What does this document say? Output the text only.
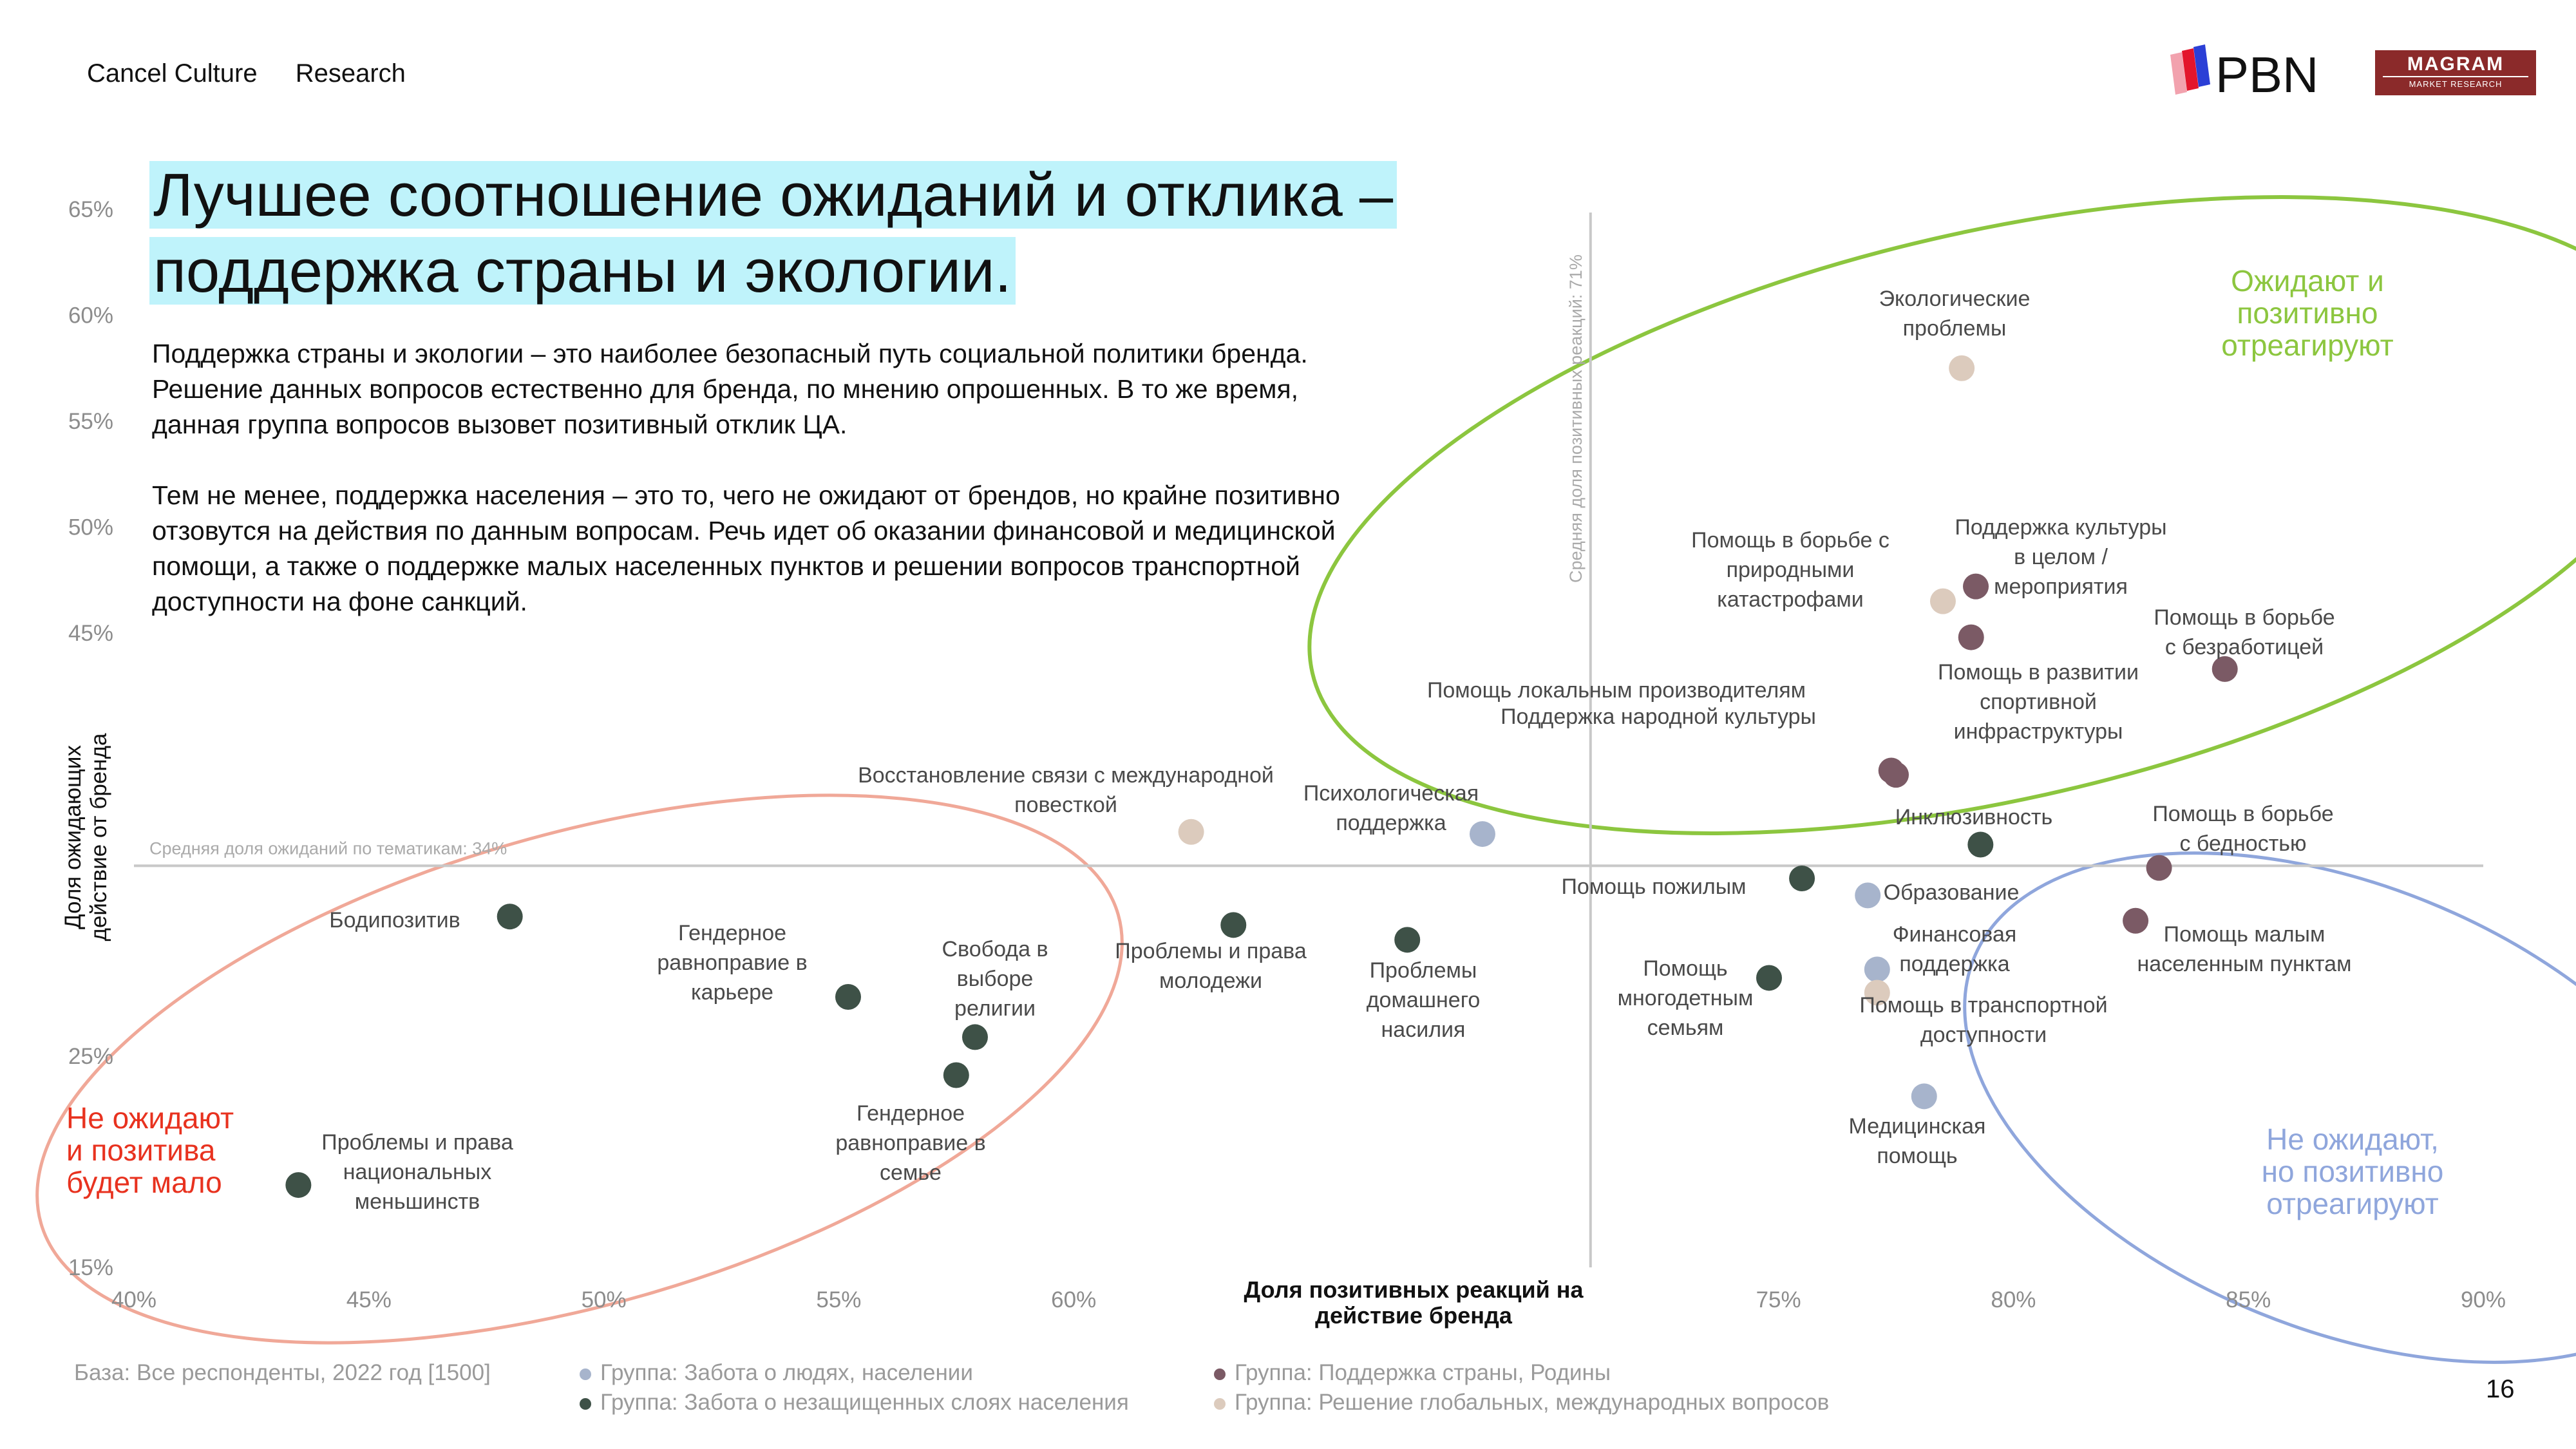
Cancel Culture Research	PBN	MAGRAM
MARKET RESEARCH
Средняя доля ожиданий по тематикам: 34%
Средняя доля позитивных реакций: 71%
40%	45%	50%	55%	60%	75%	80%	85%	90%
15%
25%
45%
50%
55%
60%
65%
Доля позитивных реакций на действие бренда
Доля ожидающихдействие от бренда
Экологические проблемы
Помощь в борьбе с природными катастрофами
Поддержка культуры в целом / мероприятия
Помощь в развитии спортивной инфраструктуры
Помощь в борьбе с безработицей
Помощь локальным производителям
Поддержка народной культуры
Инклюзивность	Помощь в борьбе с бедностью
Помощь пожилым	Образование
Помощь малым населенным пунктам
Финансовая поддержка
Помощь в транспортной доступности
Помощь многодетным семьям
Медицинская помощь
Психологическая поддержка
Восстановление связи с международной повесткой
Проблемы и права молодежи	Проблемы домашнего насилия
Бодипозитив
Гендерное равноправие в карьере
Свобода в выборе религии
Гендерное равноправие в семье
Проблемы и права национальных меньшинств
Ожидают и позитивно отреагируют
Не ожидают и позитива будет мало
Не ожидают, но позитивно отреагируют
Лучшее соотношение ожиданий и отклика – поддержка страны и экологии.

Поддержка страны и экологии – это наиболее безопасный путь социальной политики бренда. Решение данных вопросов естественно для бренда, по мнению опрошенных. В то же время, данная группа вопросов вызовет позитивный отклик ЦА.

Тем не менее, поддержка населения – это то, чего не ожидают от брендов, но крайне позитивно отзовутся на действия по данным вопросам. Речь идет об оказании финансовой и медицинской помощи, а также о поддержке малых населенных пунктов и решении вопросов транспортной доступности на фоне санкций.

База: Все респонденты, 2022 год [1500]	Группа: Забота о людях, населении
Группа: Забота о незащищенных слоях населения
Группа: Поддержка страны, Родины
Группа: Решение глобальных, международных вопросов	16
